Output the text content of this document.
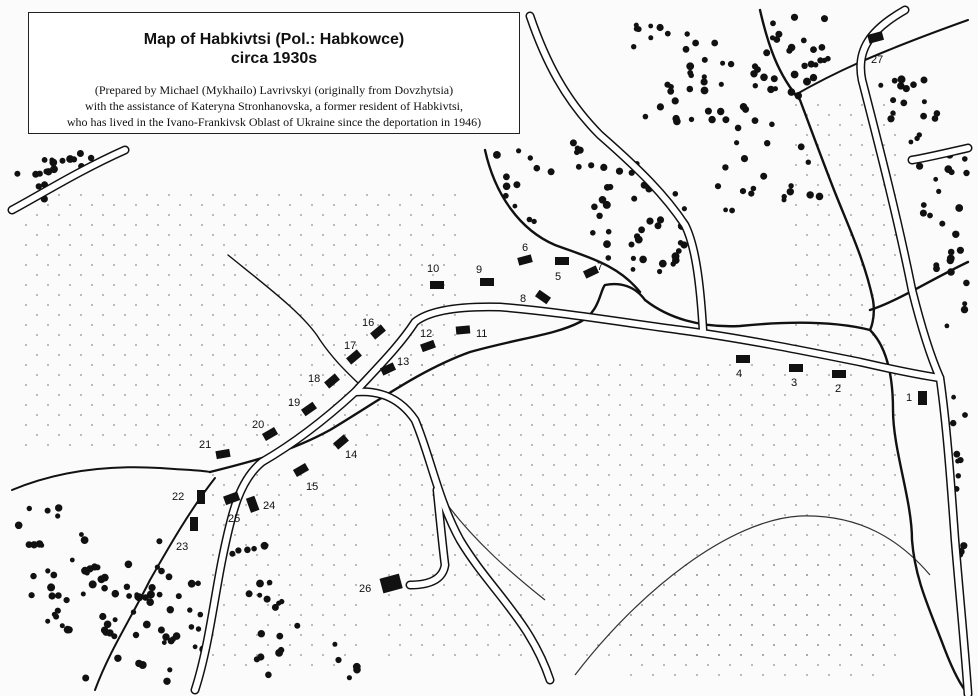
1
2
3
4
5
6
7
8
9
10
11
12
13
14
15
16
17
18
19
20
21
22
23
24
25
26
27
Map of Habkivtsi (Pol.: Habkowce)
circa 1930s
(Prepared by Michael (Mykhailo) Lavrivskyi (originally from Dovzhytsia)
with the assistance of Kateryna Stronhanovska, a former resident of Habkivtsi,
who has lived in the Ivano-Frankivsk Oblast of Ukraine since the deportation in 1946)
